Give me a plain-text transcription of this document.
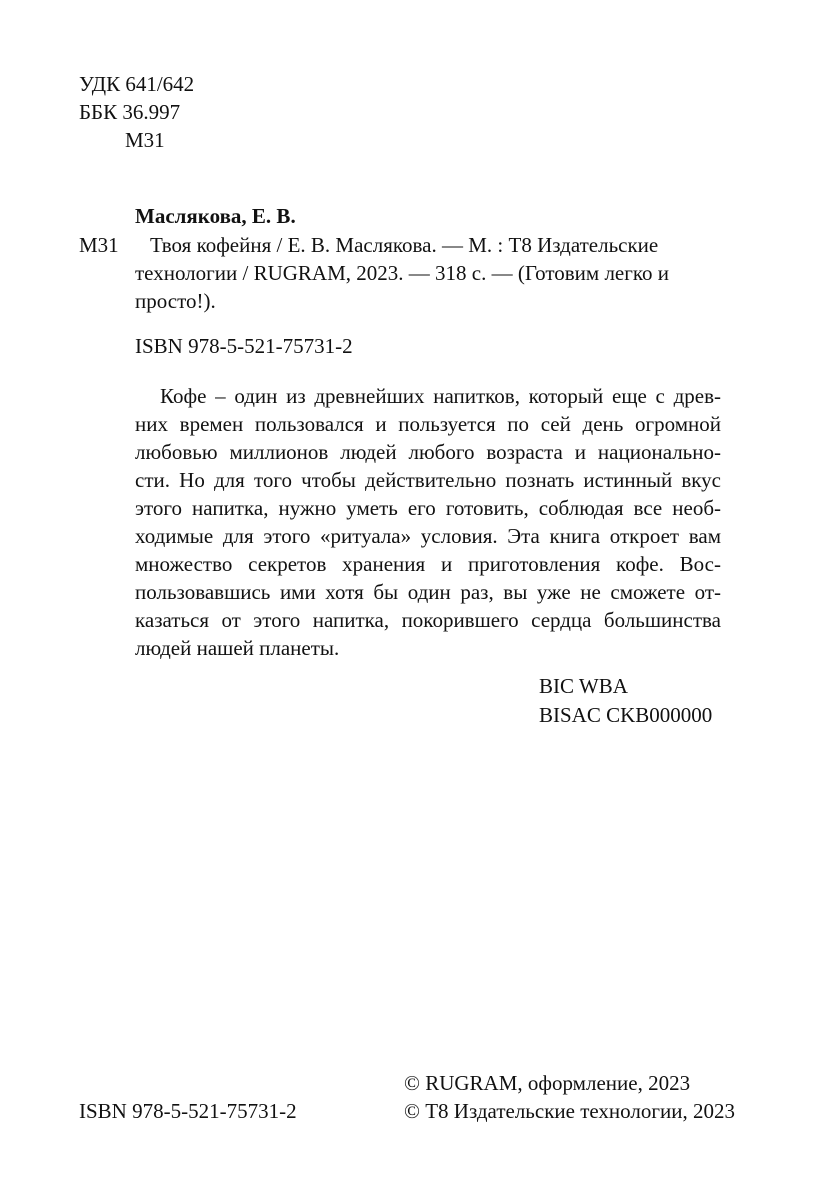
УДК 641/642

ББК 36.997

М31

Маслякова, Е. В.

М31 Твоя кофейня / Е. В. Маслякова. — М. : Т8 Издательские

технологии / RUGRAM, 2023. — 318 с. — (Готовим легко и

просто!).

ISBN 978-5-521-75731-2

Кофе – один из древнейших напитков, который еще с древ-

них времен пользовался и пользуется по сей день огромной

любовью миллионов людей любого возраста и национально-

сти. Но для того чтобы действительно познать истинный вкус

этого напитка, нужно уметь его готовить, соблюдая все необ-

ходимые для этого «ритуала» условия. Эта книга откроет вам

множество секретов хранения и приготовления кофе. Вос-

пользовавшись ими хотя бы один раз, вы уже не сможете от-

казаться от этого напитка, покорившего сердца большинства

людей нашей планеты.

BIC WBA

BISAC CKB000000

© RUGRAM, оформление, 2023

© Т8 Издательские технологии, 2023

ISBN 978-5-521-75731-2
